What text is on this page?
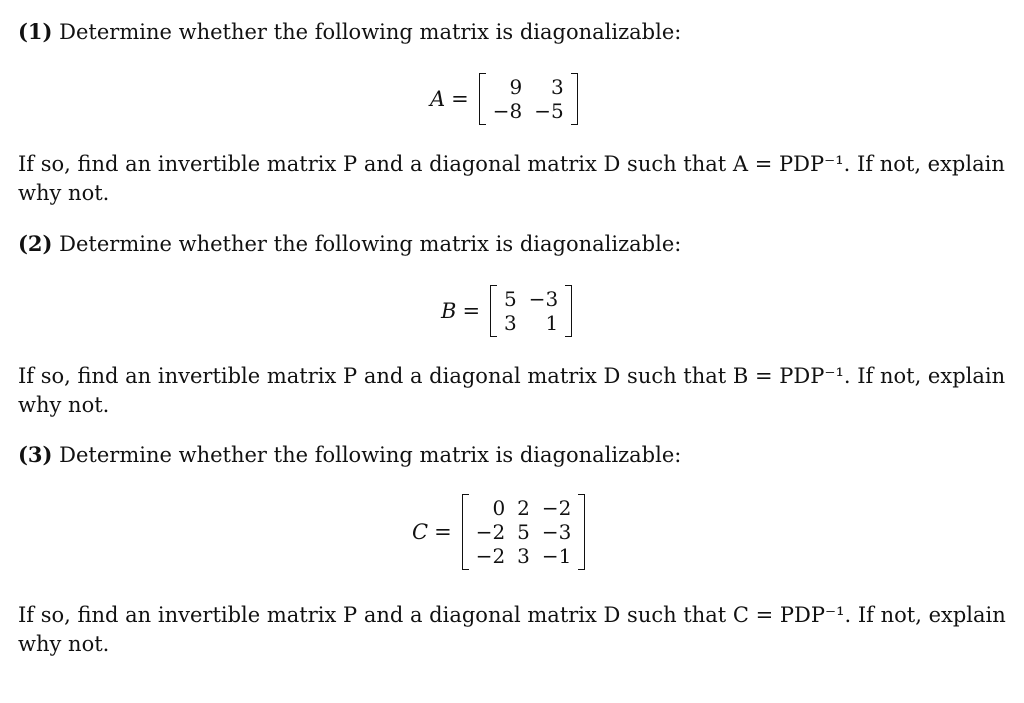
(1) Determine whether the following matrix is diagonalizable:
A = 9	3
−8	−5
If so, find an invertible matrix P and a diagonal matrix D such that A = PDP⁻¹. If not, explain
why not.
(2) Determine whether the following matrix is diagonalizable:
B = 5	−3
3	1
If so, find an invertible matrix P and a diagonal matrix D such that B = PDP⁻¹. If not, explain
why not.
(3) Determine whether the following matrix is diagonalizable:
C =
0	2	−2
−2	5	−3
−2	3	−1
If so, find an invertible matrix P and a diagonal matrix D such that C = PDP⁻¹. If not, explain
why not.
